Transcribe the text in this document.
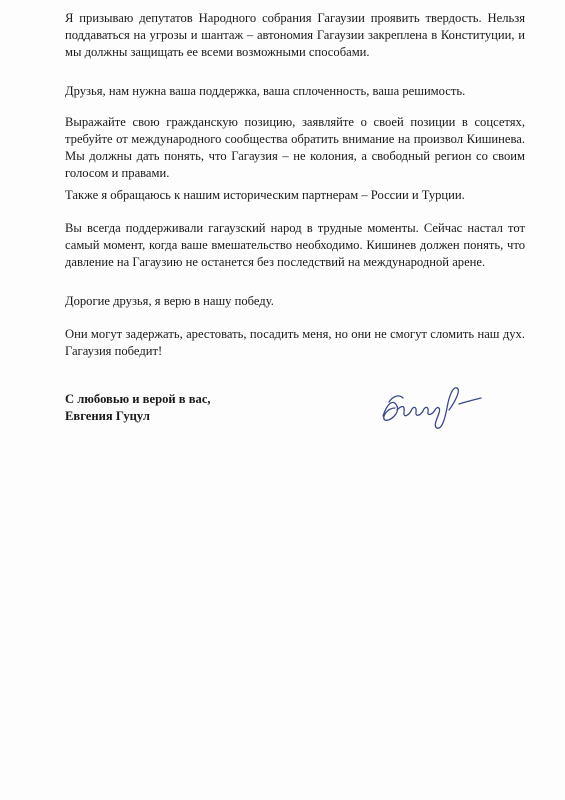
Я призываю депутатов Народного собрания Гагаузии проявить твердость. Нельзя поддаваться на угрозы и шантаж – автономия Гагаузии закреплена в Конституции, и мы должны защищать ее всеми возможными способами.
Друзья, нам нужна ваша поддержка, ваша сплоченность, ваша решимость.
Выражайте свою гражданскую позицию, заявляйте о своей позиции в соцсетях, требуйте от международного сообщества обратить внимание на произвол Кишинева. Мы должны дать понять, что Гагаузия – не колония, а свободный регион со своим голосом и правами.
Также я обращаюсь к нашим историческим партнерам – России и Турции.
Вы всегда поддерживали гагаузский народ в трудные моменты. Сейчас настал тот самый момент, когда ваше вмешательство необходимо. Кишинев должен понять, что давление на Гагаузию не останется без последствий на международной арене.
Дорогие друзья, я верю в нашу победу.
Они могут задержать, арестовать, посадить меня, но они не смогут сломить наш дух. Гагаузия победит!
С любовью и верой в вас,
Евгения Гуцул
